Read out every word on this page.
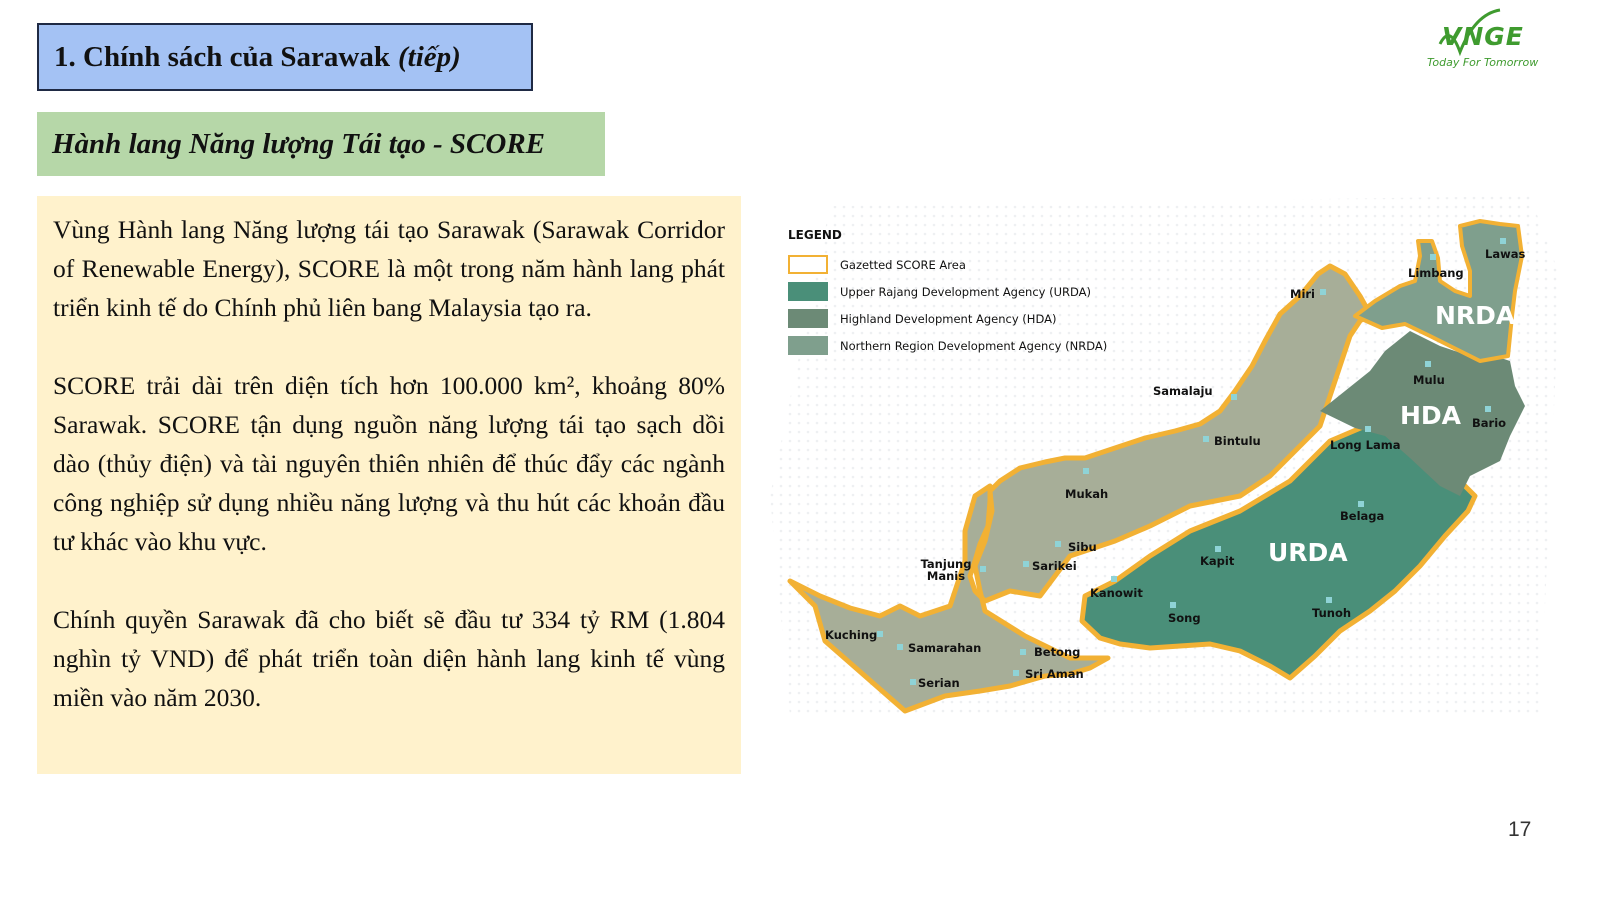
1. Chính sách của Sarawak (tiếp)
Hành lang Năng lượng Tái tạo - SCORE

Vùng Hành lang Năng lượng tái tạo Sarawak (Sarawak Corridor of Renewable Energy), SCORE là một trong năm hành lang phát triển kinh tế do Chính phủ liên bang Malaysia tạo ra.

SCORE trải dài trên diện tích hơn 100.000 km², khoảng 80% Sarawak. SCORE tận dụng nguồn năng lượng tái tạo sạch dồi dào (thủy điện) và tài nguyên thiên nhiên để thúc đẩy các ngành công nghiệp sử dụng nhiều năng lượng và thu hút các khoản đầu tư khác vào khu vực.

Chính quyền Sarawak đã cho biết sẽ đầu tư 334 tỷ RM (1.804 nghìn tỷ VND) để phát triển toàn diện hành lang kinh tế vùng miền vào năm 2030.

VNGE
Today For Tomorrow
LEGEND
Gazetted SCORE Area
Upper Rajang Development Agency (URDA)
Highland Development Agency (HDA)
Northern Region Development Agency (NRDA)
NRDA
HDA
URDA
Lawas
Limbang
Miri
Mulu
Bario
Samalaju
Bintulu	Long Lama
Mukah
Belaga
Sibu
Tanjung Manis
Sarikei	Kapit
Kanowit
Song	Tunoh
Kuching
Samarahan	Betong
Sri Aman
Serian
17
